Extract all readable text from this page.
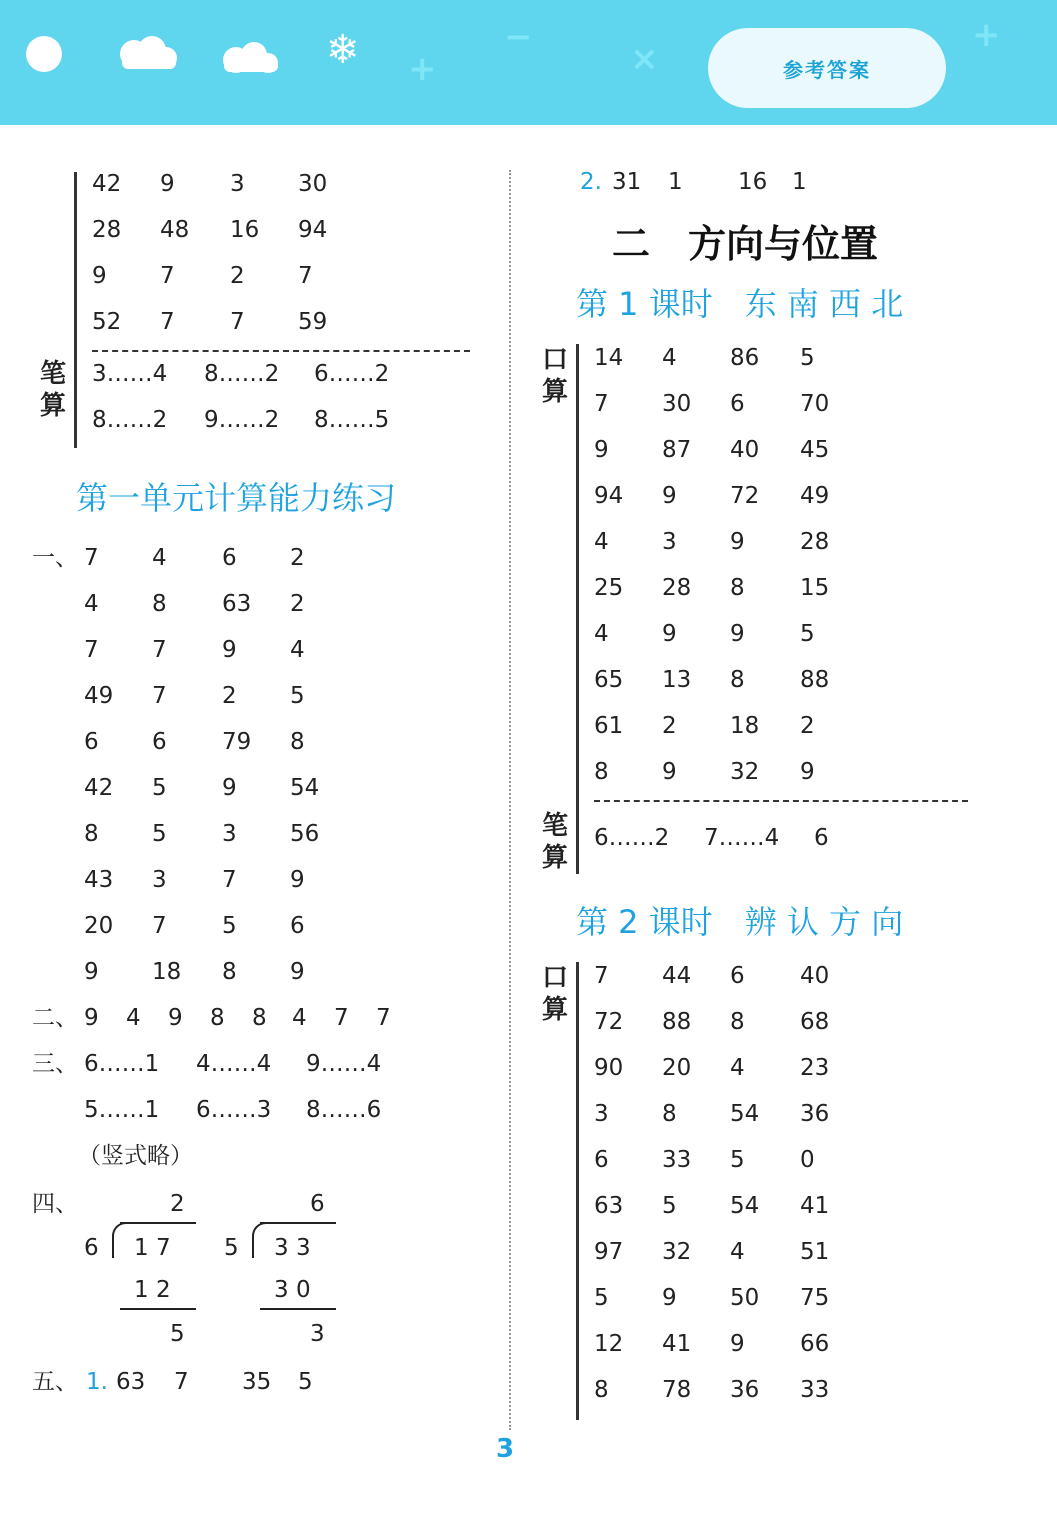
❄ +
−
×
+
参考答案
42 9 3 30
28 48 16 94
9 7 2 7
52 7 7 59
笔算
3……4 8……2 6……2
8……2 9……2 8……5
第一单元计算能力练习
一、 7 4 6 2
4 8 63 2
7 7 9 4
49 7 2 5
6 6 79 8
42 5 9 54
8 5 3 56
43 3 7 9
20 7 5 6
9 18 8 9
二、 9 4 9 8 8 4 7 7
三、 6……1 4……4 9……4
5……1 6……3 8……6
（竖式略）
四、	2
6 1 7
1 2
5
6
5 3 3
3 0
3
五、 1. 63 7 35 5
2. 31 1 16 1
二　方向与位置
第 1 课时　东 南 西 北
口算
14 4 86 5
7 30 6 70
9 87 40 45
94 9 72 49
4 3 9 28
25 28 8 15
4 9 9 5
65 13 8 88
61 2 18 2
8 9 32 9
笔算
6……2 7……4 6
第 2 课时　辨 认 方 向
口算
7 44 6 40
72 88 8 68
90 20 4 23
3 8 54 36
6 33 5 0
63 5 54 41
97 32 4 51
5 9 50 75
12 41 9 66
8 78 36 33
3
